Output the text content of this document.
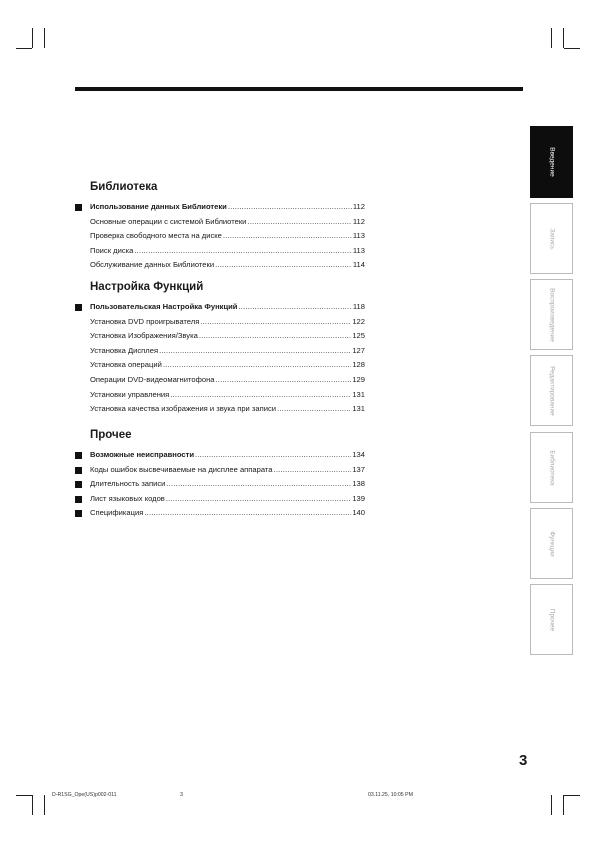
Библиотека
Использование данных Библиотеки .....	112
Основные операции с системой Библиотеки .....	112
Проверка свободного места на диске .....	113
Поиск диска .....	113
Обслуживание данных Библиотеки .....	114
Настройка Функций
Пользовательская Настройка Функций .....	118
Установка DVD проигрывателя .....	122
Установка Изображения/Звука .....	125
Установка Дисплея .....	127
Установка операций .....	128
Операции DVD-видеомагнитофона .....	129
Установки управления .....	131
Установка качества изображения и звука при записи .....	131
Прочее
Возможные неисправности .....	134
Коды ошибок высвечиваемые на дисплее аппарата .....	137
Длительность записи .....	138
Лист языковых кодов .....	139
Спецификация .....	140
Введение
Запись
Воспроизведение
Редактирование
Библиотека
Функции
Прочее
3
D-R1SG_Ope(US)p002-011	3	03.11.25, 10:05 PM
